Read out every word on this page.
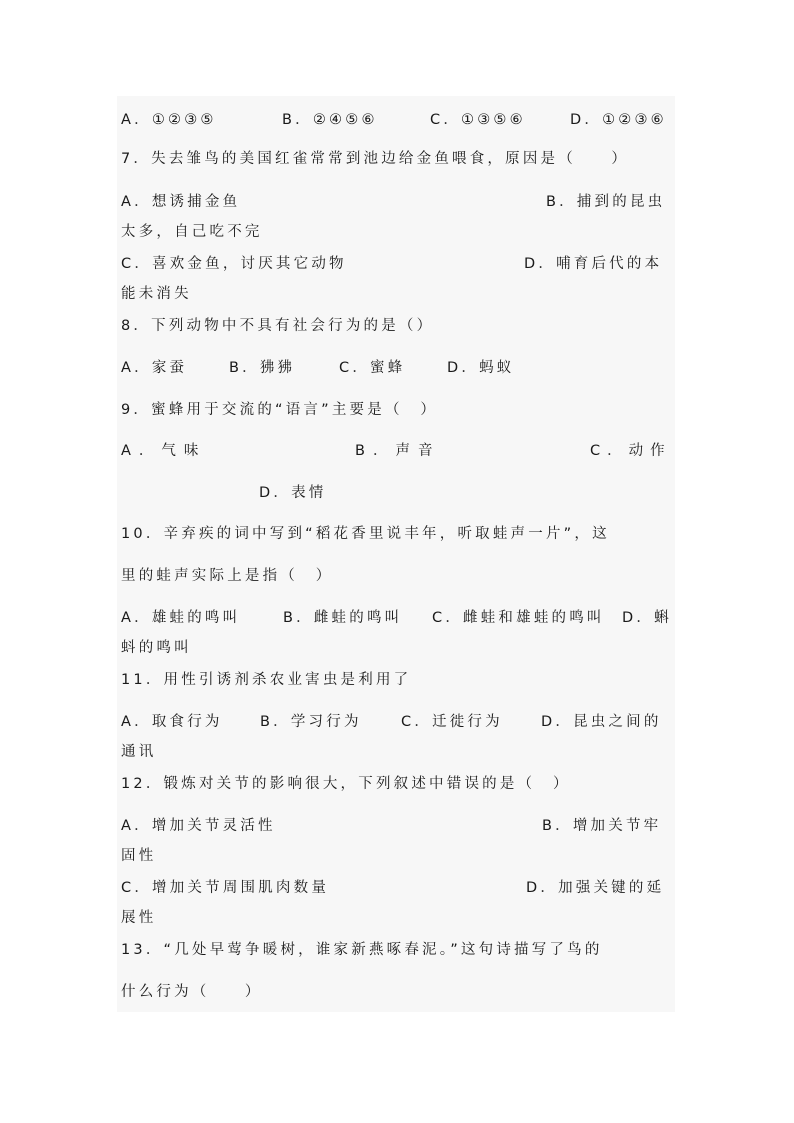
A．①②③⑤	B．②④⑤⑥	C．①③⑤⑥	D．①②③⑥
7．失去雏鸟的美国红雀常常到池边给金鱼喂食，原因是（　　）
A．想诱捕金鱼	B．捕到的昆虫
太多，自己吃不完
C．喜欢金鱼，讨厌其它动物	D．哺育后代的本
能未消失
8．下列动物中不具有社会行为的是（）
A．家蚕	B．狒狒	C．蜜蜂	D．蚂蚁
9．蜜蜂用于交流的“语言”主要是（　）
A．气味	B．声音	C．动作
D．表情
10．辛弃疾的词中写到“稻花香里说丰年，听取蛙声一片”，这
里的蛙声实际上是指（　）
A．雄蛙的鸣叫	B．雌蛙的鸣叫 C．雌蛙和雄蛙的鸣叫 D．蝌
蚪的鸣叫
11．用性引诱剂杀农业害虫是利用了
A．取食行为	B．学习行为	C．迁徙行为	D．昆虫之间的
通讯
12．锻炼对关节的影响很大，下列叙述中错误的是（　）
A．增加关节灵活性	B．增加关节牢
固性
C．增加关节周围肌肉数量	D．加强关键的延
展性
13．“几处早莺争暖树，谁家新燕啄春泥。”这句诗描写了鸟的
什么行为（　　）
